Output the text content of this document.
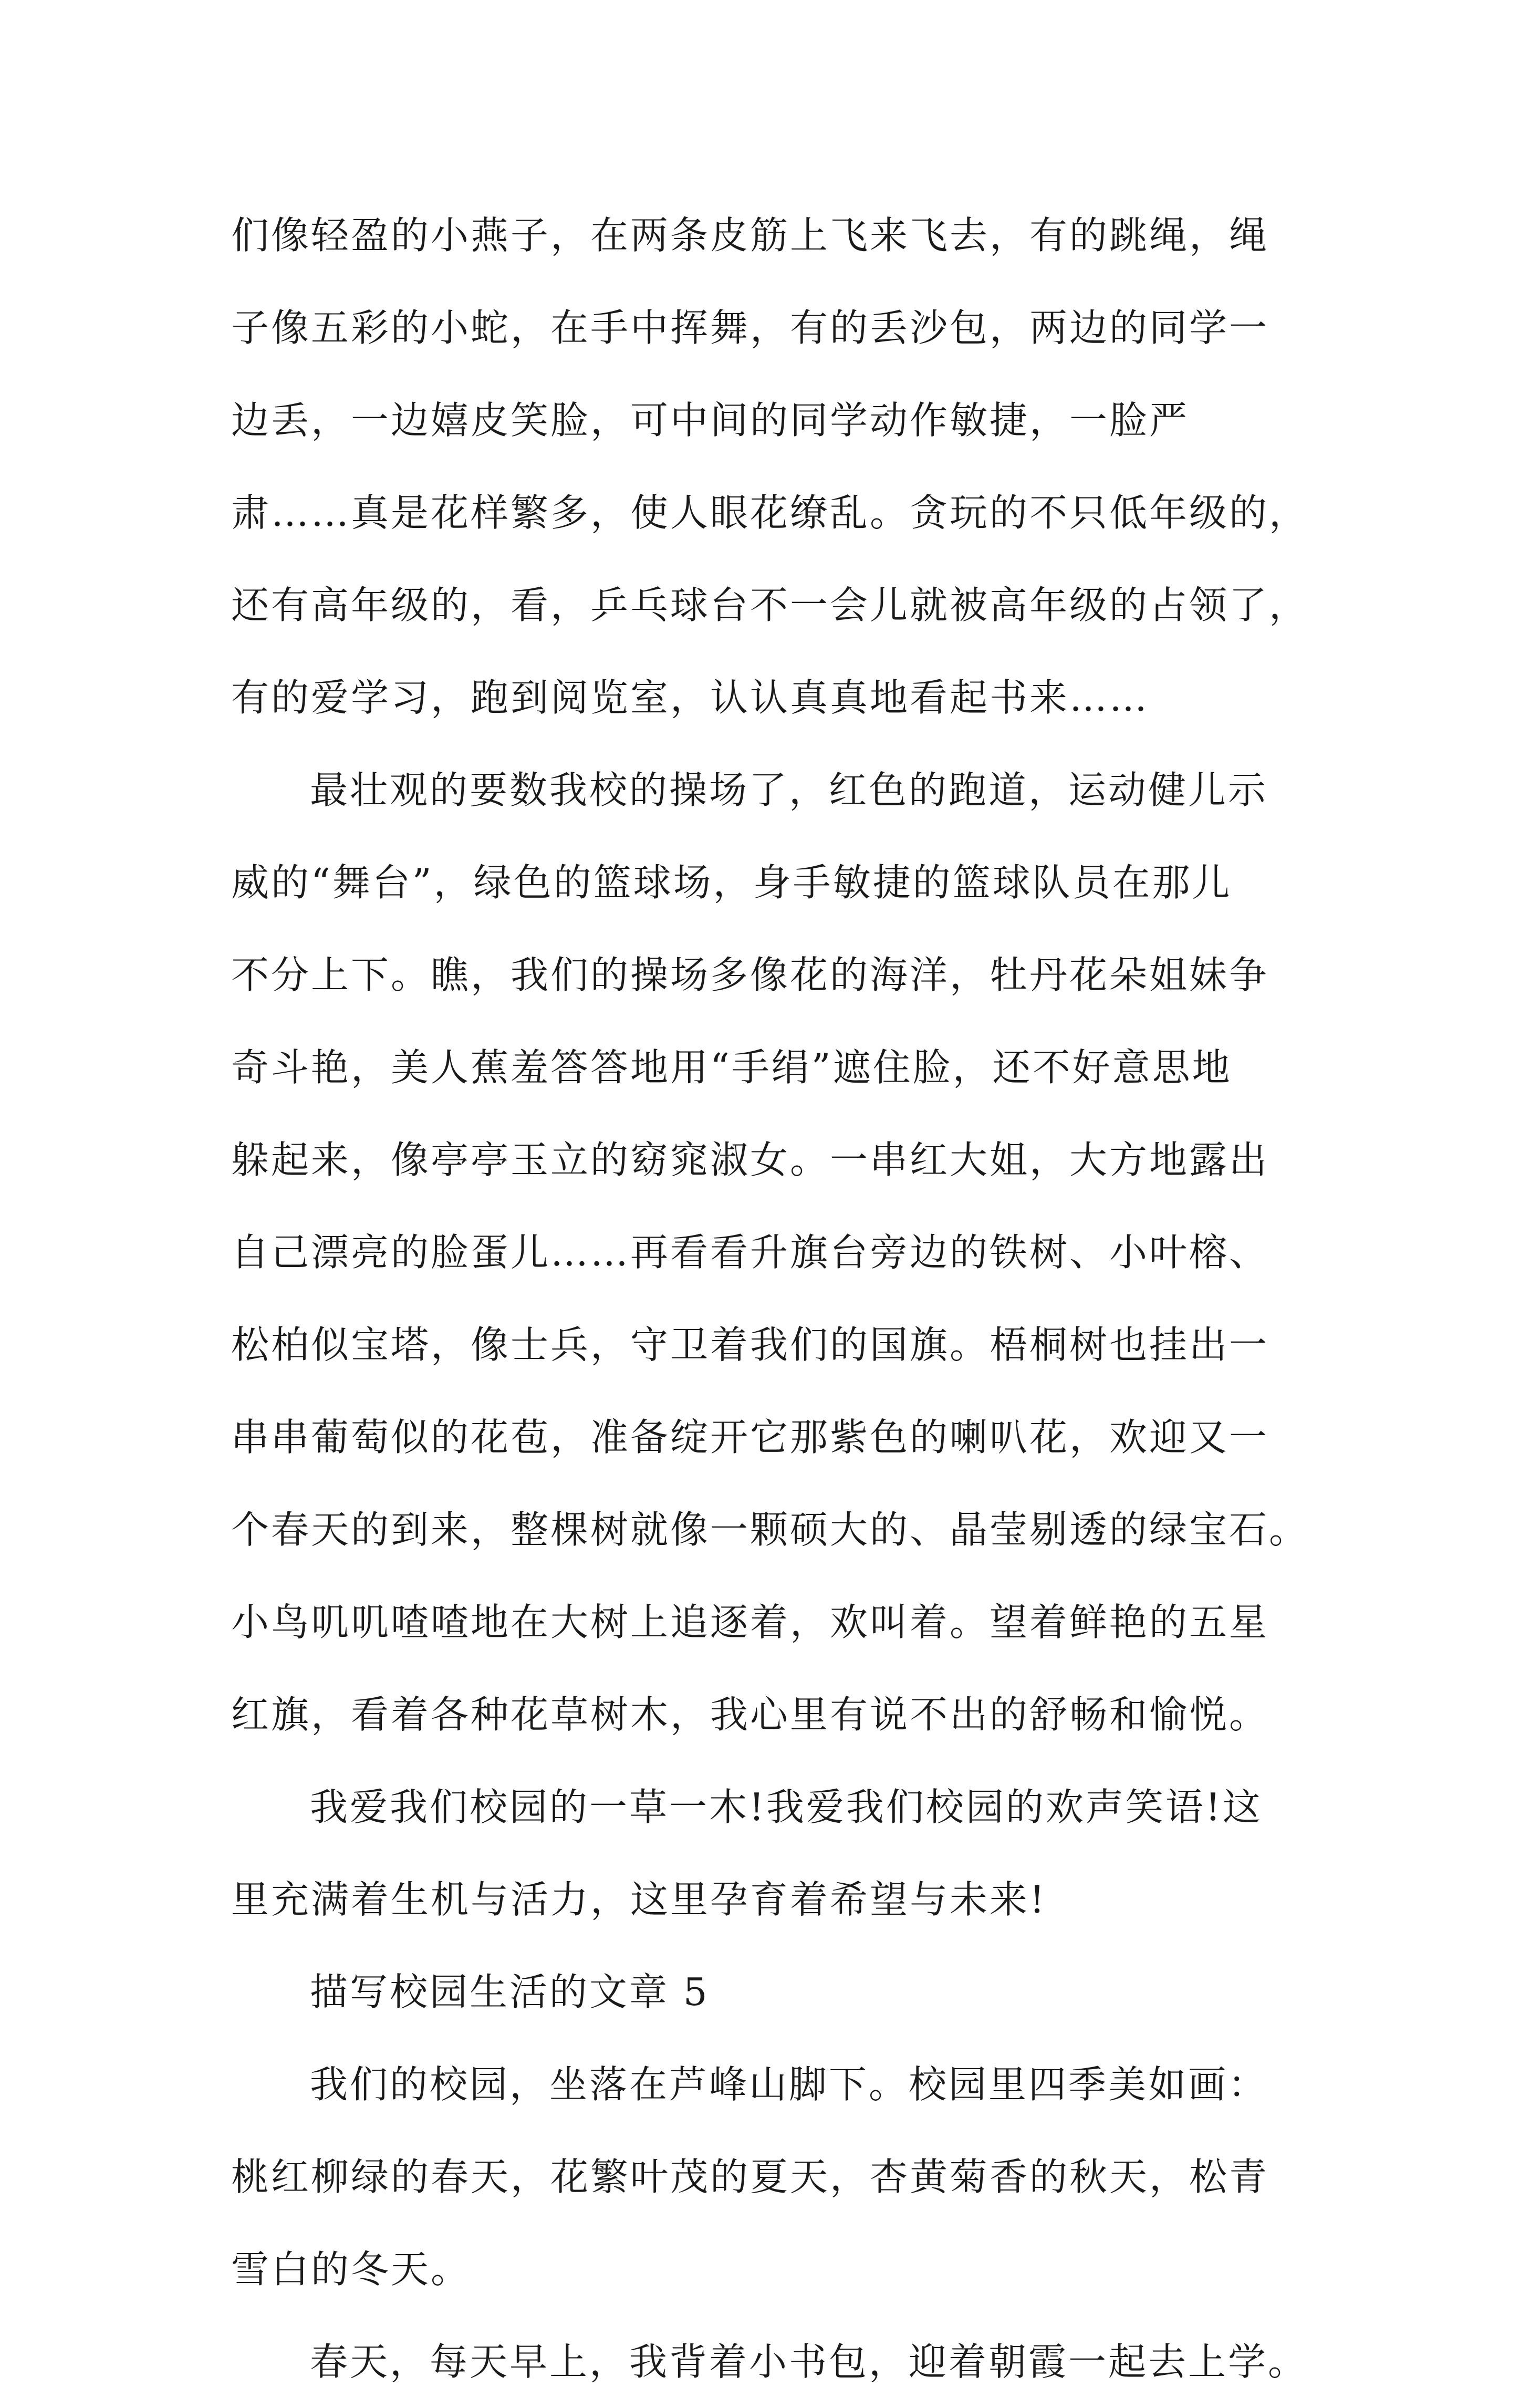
们像轻盈的小燕子，在两条皮筋上飞来飞去，有的跳绳，绳
子像五彩的小蛇，在手中挥舞，有的丢沙包，两边的同学一
边丢，一边嬉皮笑脸，可中间的同学动作敏捷，一脸严
肃……真是花样繁多，使人眼花缭乱。贪玩的不只低年级的，
还有高年级的，看，乒乓球台不一会儿就被高年级的占领了，
有的爱学习，跑到阅览室，认认真真地看起书来……
最壮观的要数我校的操场了，红色的跑道，运动健儿示
威的“舞台”，绿色的篮球场，身手敏捷的篮球队员在那儿
不分上下。瞧，我们的操场多像花的海洋，牡丹花朵姐妹争
奇斗艳，美人蕉羞答答地用“手绢”遮住脸，还不好意思地
躲起来，像亭亭玉立的窈窕淑女。一串红大姐，大方地露出
自己漂亮的脸蛋儿……再看看升旗台旁边的铁树、小叶榕、
松柏似宝塔，像士兵，守卫着我们的国旗。梧桐树也挂出一
串串葡萄似的花苞，准备绽开它那紫色的喇叭花，欢迎又一
个春天的到来，整棵树就像一颗硕大的、晶莹剔透的绿宝石。
小鸟叽叽喳喳地在大树上追逐着，欢叫着。望着鲜艳的五星
红旗，看着各种花草树木，我心里有说不出的舒畅和愉悦。
我爱我们校园的一草一木!我爱我们校园的欢声笑语!这
里充满着生机与活力，这里孕育着希望与未来!
描写校园生活的文章 5
我们的校园，坐落在芦峰山脚下。校园里四季美如画：
桃红柳绿的春天，花繁叶茂的夏天，杏黄菊香的秋天，松青
雪白的冬天。
春天，每天早上，我背着小书包，迎着朝霞一起去上学。
